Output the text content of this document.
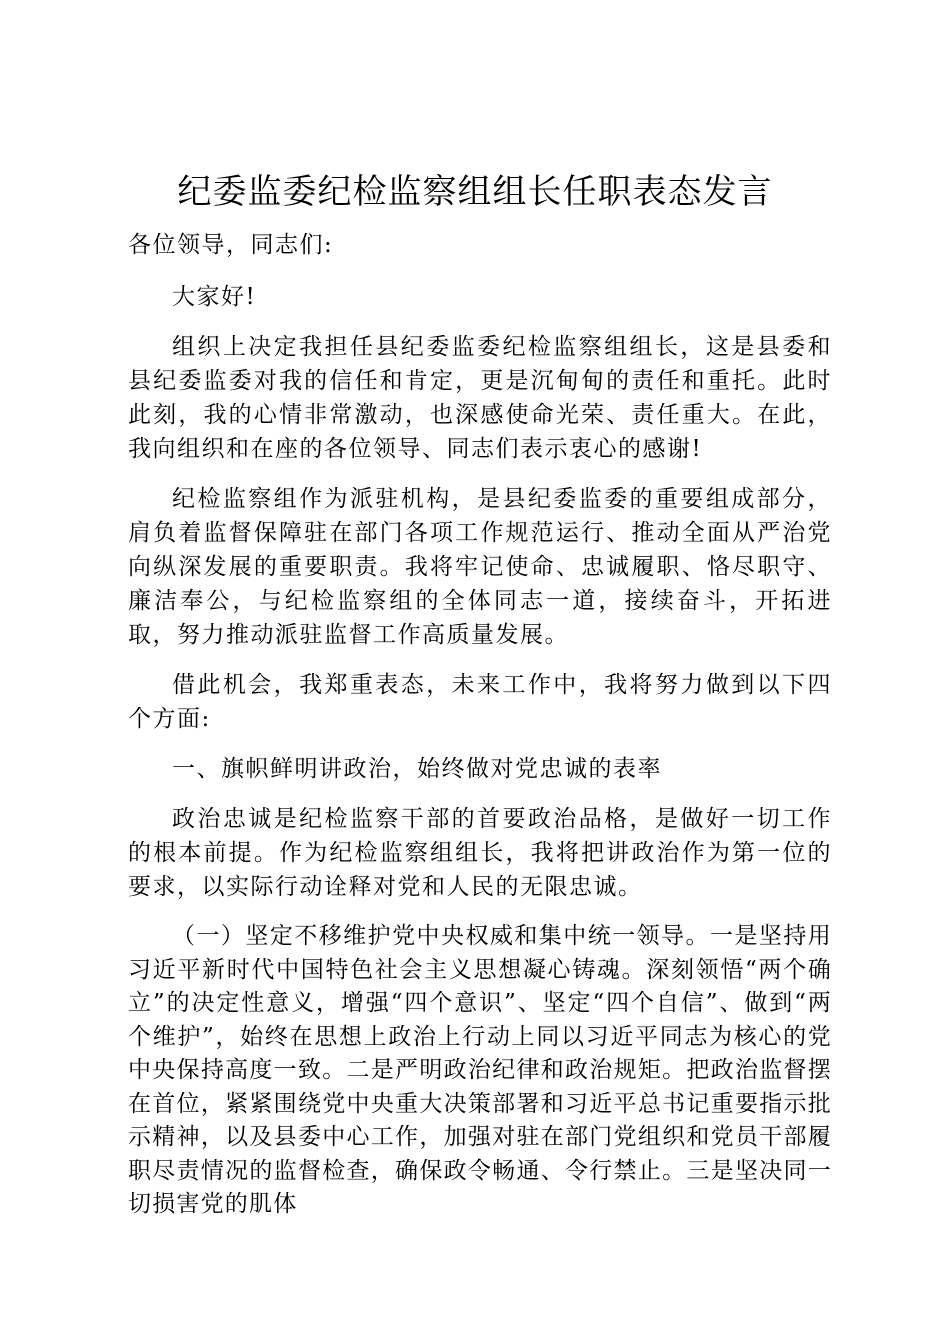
纪委监委纪检监察组组长任职表态发言

各位领导，同志们:

大家好!

组织上决定我担任县纪委监委纪检监察组组长，这是县委和县纪委监委对我的信任和肯定，更是沉甸甸的责任和重托。此时此刻，我的心情非常激动，也深感使命光荣、责任重大。在此，我向组织和在座的各位领导、同志们表示衷心的感谢!

纪检监察组作为派驻机构，是县纪委监委的重要组成部分，肩负着监督保障驻在部门各项工作规范运行、推动全面从严治党向纵深发展的重要职责。我将牢记使命、忠诚履职、恪尽职守、廉洁奉公，与纪检监察组的全体同志一道，接续奋斗，开拓进取，努力推动派驻监督工作高质量发展。

借此机会，我郑重表态，未来工作中，我将努力做到以下四个方面:

一、旗帜鲜明讲政治，始终做对党忠诚的表率

政治忠诚是纪检监察干部的首要政治品格，是做好一切工作的根本前提。作为纪检监察组组长，我将把讲政治作为第一位的要求，以实际行动诠释对党和人民的无限忠诚。

（一）坚定不移维护党中央权威和集中统一领导。一是坚持用习近平新时代中国特色社会主义思想凝心铸魂。深刻领悟“两个确立”的决定性意义，增强“四个意识”、坚定“四个自信”、做到“两个维护”，始终在思想上政治上行动上同以习近平同志为核心的党中央保持高度一致。二是严明政治纪律和政治规矩。把政治监督摆在首位，紧紧围绕党中央重大决策部署和习近平总书记重要指示批示精神，以及县委中心工作，加强对驻在部门党组织和党员干部履职尽责情况的监督检查，确保政令畅通、令行禁止。三是坚决同一切损害党的肌体
